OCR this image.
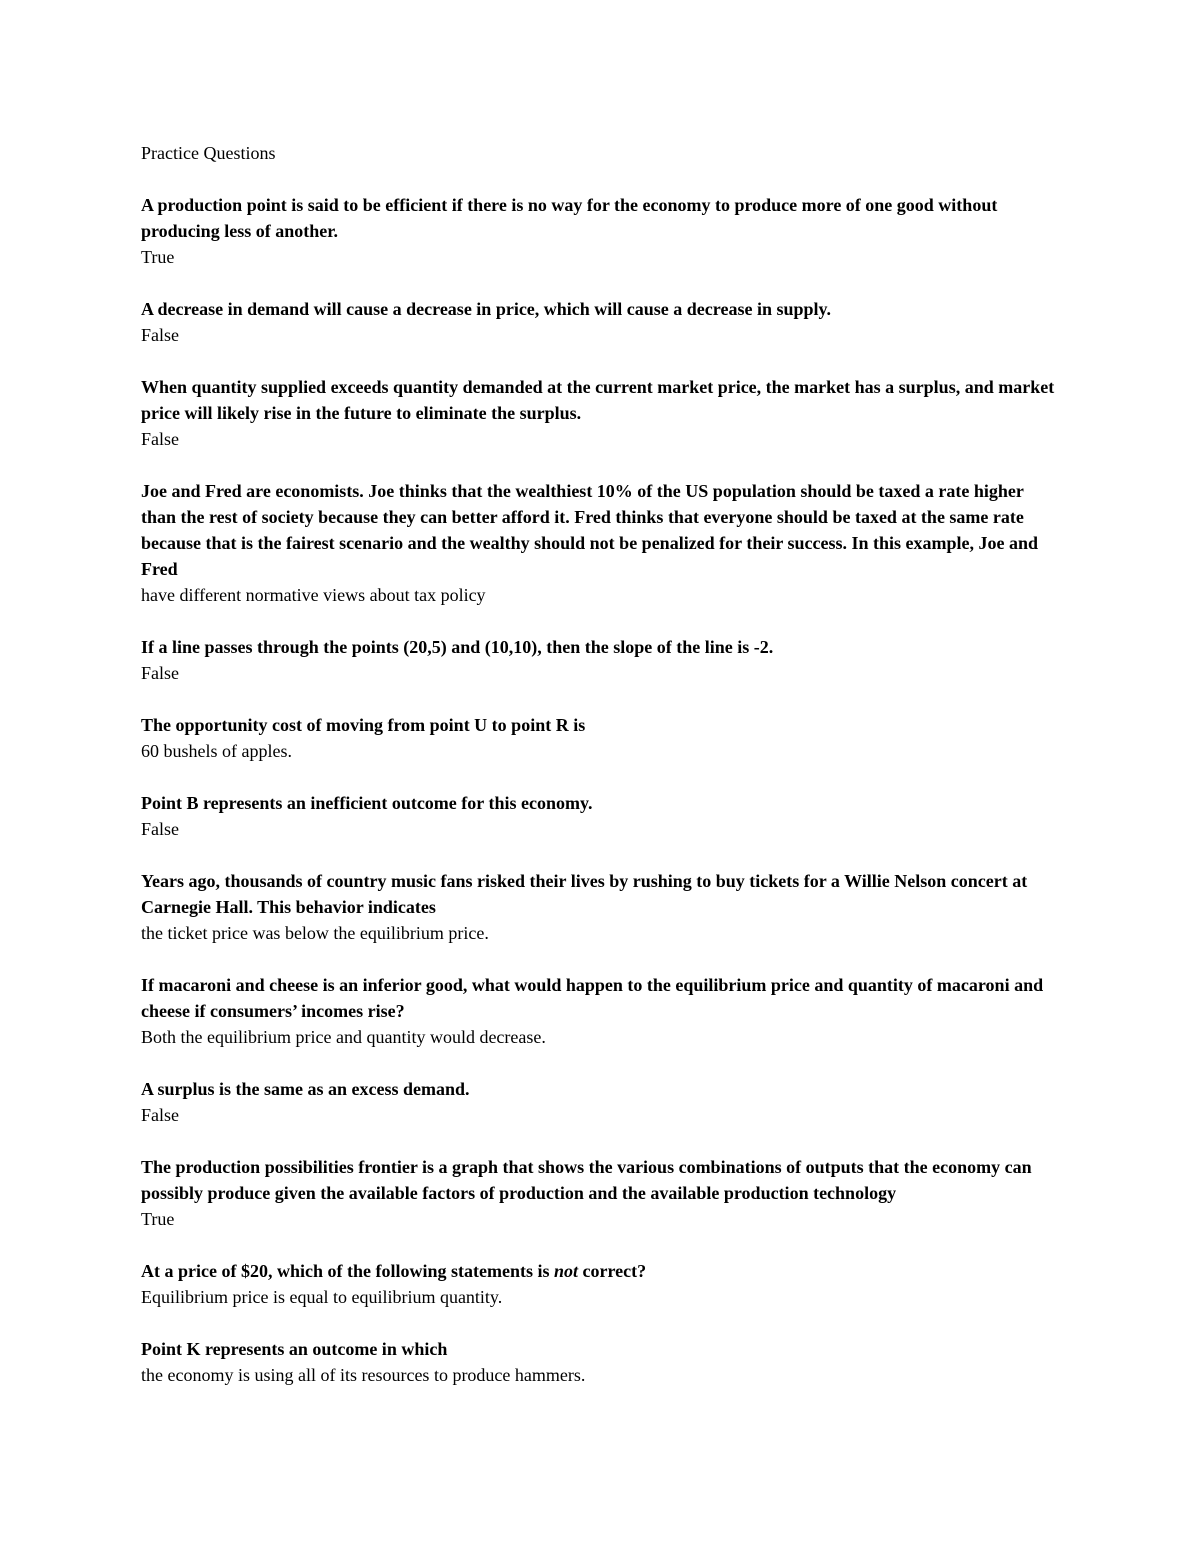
Practice Questions

A production point is said to be efficient if there is no way for the economy to produce more of one good without producing less of another.

True

A decrease in demand will cause a decrease in price, which will cause a decrease in supply.

False

When quantity supplied exceeds quantity demanded at the current market price, the market has a surplus, and market price will likely rise in the future to eliminate the surplus.

False

Joe and Fred are economists. Joe thinks that the wealthiest 10% of the US population should be taxed a rate higher than the rest of society because they can better afford it. Fred thinks that everyone should be taxed at the same rate because that is the fairest scenario and the wealthy should not be penalized for their success. In this example, Joe and Fred

have different normative views about tax policy

If a line passes through the points (20,5) and (10,10), then the slope of the line is -2.

False

The opportunity cost of moving from point U to point R is

60 bushels of apples.

Point B represents an inefficient outcome for this economy.

False

Years ago, thousands of country music fans risked their lives by rushing to buy tickets for a Willie Nelson concert at Carnegie Hall. This behavior indicates

the ticket price was below the equilibrium price.

If macaroni and cheese is an inferior good, what would happen to the equilibrium price and quantity of macaroni and cheese if consumers’ incomes rise?

Both the equilibrium price and quantity would decrease.

A surplus is the same as an excess demand.

False

The production possibilities frontier is a graph that shows the various combinations of outputs that the economy can possibly produce given the available factors of production and the available production technology

True

At a price of $20, which of the following statements is not correct?

Equilibrium price is equal to equilibrium quantity.

Point K represents an outcome in which

the economy is using all of its resources to produce hammers.
